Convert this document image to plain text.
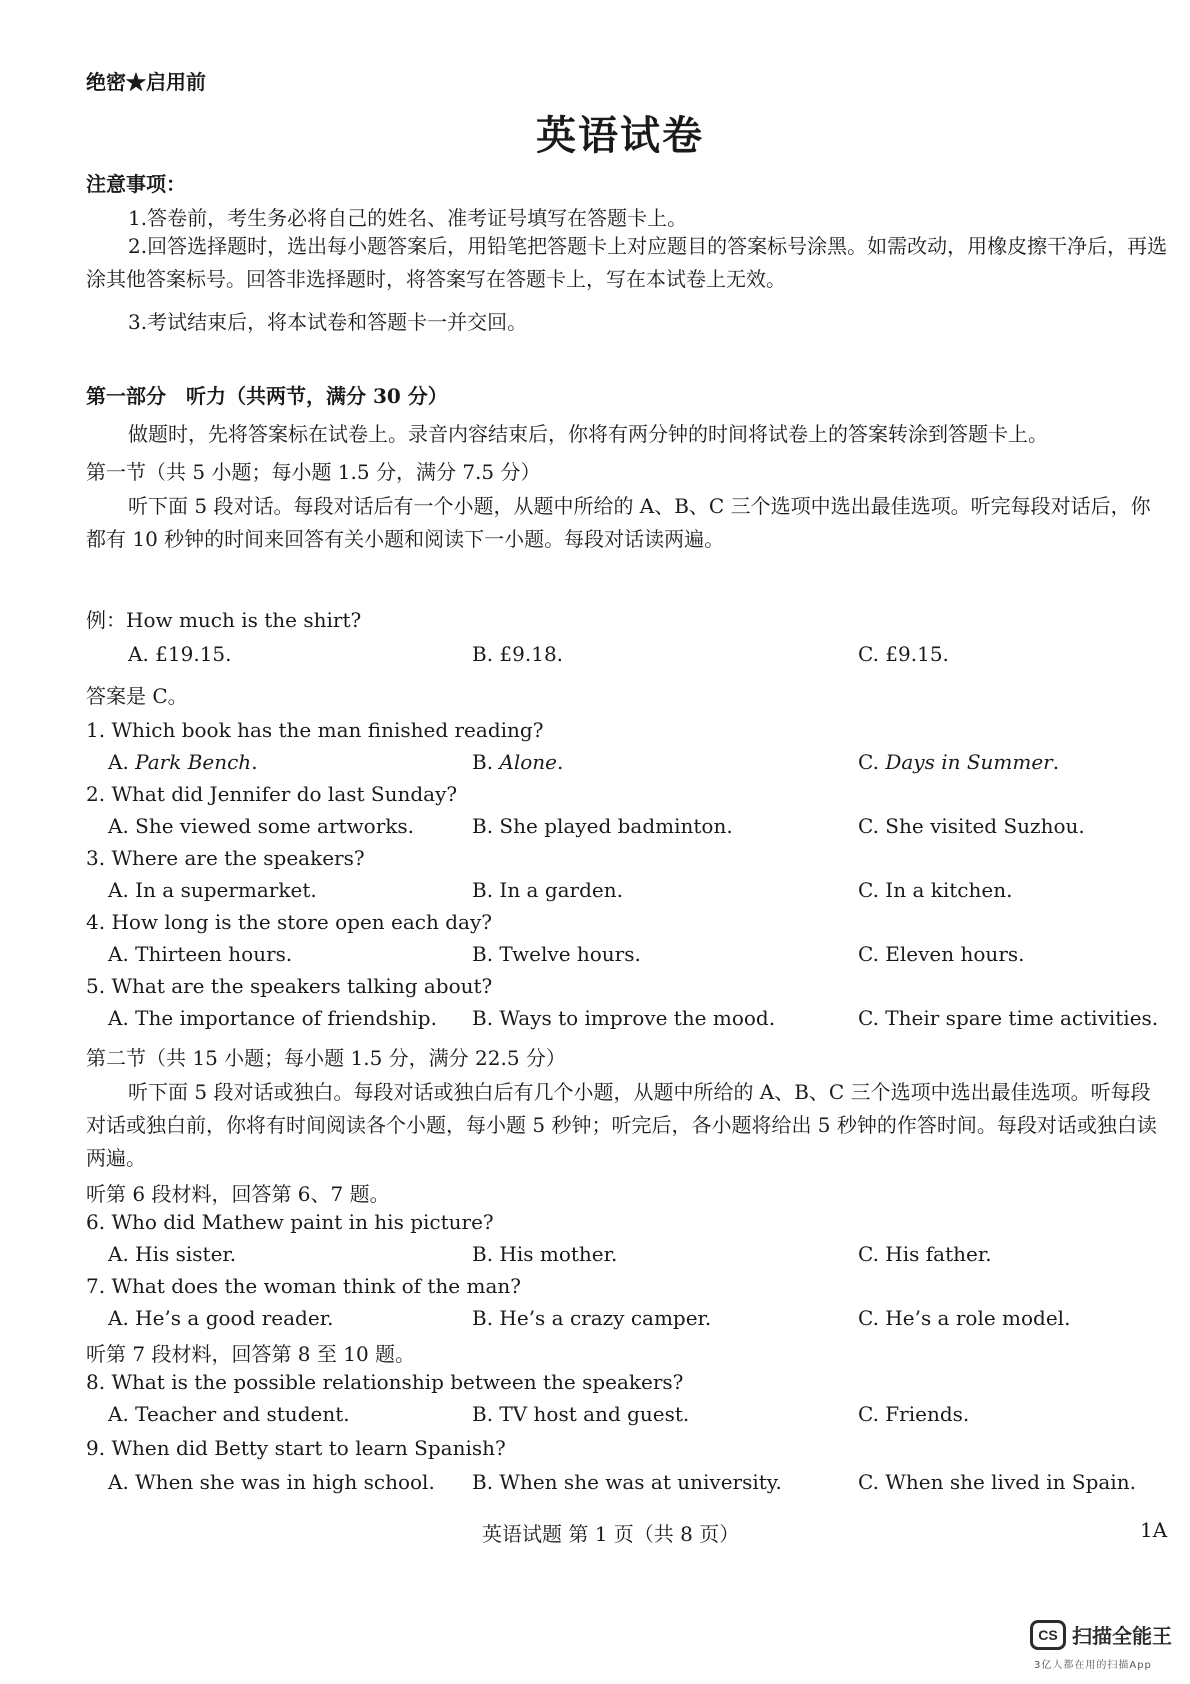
绝密★启用前
英语试卷
注意事项：
1.答卷前，考生务必将自己的姓名、准考证号填写在答题卡上。
2.回答选择题时，选出每小题答案后，用铅笔把答题卡上对应题目的答案标号涂黑。如需改动，用橡皮擦干净后，再选涂其他答案标号。回答非选择题时，将答案写在答题卡上，写在本试卷上无效。
3.考试结束后，将本试卷和答题卡一并交回。
第一部分　听力（共两节，满分 30 分）
做题时，先将答案标在试卷上。录音内容结束后，你将有两分钟的时间将试卷上的答案转涂到答题卡上。
第一节（共 5 小题；每小题 1.5 分，满分 7.5 分）
听下面 5 段对话。每段对话后有一个小题，从题中所给的 A、B、C 三个选项中选出最佳选项。听完每段对话后，你都有 10 秒钟的时间来回答有关小题和阅读下一小题。每段对话读两遍。
例：How much is the shirt?
A. £19.15.	B. £9.18.	C. £9.15.
答案是 C。
1. Which book has the man finished reading?
A. Park Bench.	B. Alone.	C. Days in Summer.
2. What did Jennifer do last Sunday?
A. She viewed some artworks.	B. She played badminton.	C. She visited Suzhou.
3. Where are the speakers?
A. In a supermarket.	B. In a garden.	C. In a kitchen.
4. How long is the store open each day?
A. Thirteen hours.	B. Twelve hours.	C. Eleven hours.
5. What are the speakers talking about?
A. The importance of friendship. B. Ways to improve the mood.	C. Their spare time activities.
第二节（共 15 小题；每小题 1.5 分，满分 22.5 分）
听下面 5 段对话或独白。每段对话或独白后有几个小题，从题中所给的 A、B、C 三个选项中选出最佳选项。听每段对话或独白前，你将有时间阅读各个小题，每小题 5 秒钟；听完后，各小题将给出 5 秒钟的作答时间。每段对话或独白读两遍。
听第 6 段材料，回答第 6、7 题。
6. Who did Mathew paint in his picture?
A. His sister.	B. His mother.	C. His father.
7. What does the woman think of the man?
A. He’s a good reader.	B. He’s a crazy camper.	C. He’s a role model.
听第 7 段材料，回答第 8 至 10 题。
8. What is the possible relationship between the speakers?
A. Teacher and student.	B. TV host and guest.	C. Friends.
9. When did Betty start to learn Spanish?
A. When she was in high school. B. When she was at university.	C. When she lived in Spain.
英语试题 第 1 页（共 8 页）	1A
CS 扫描全能王
3亿人都在用的扫描App
